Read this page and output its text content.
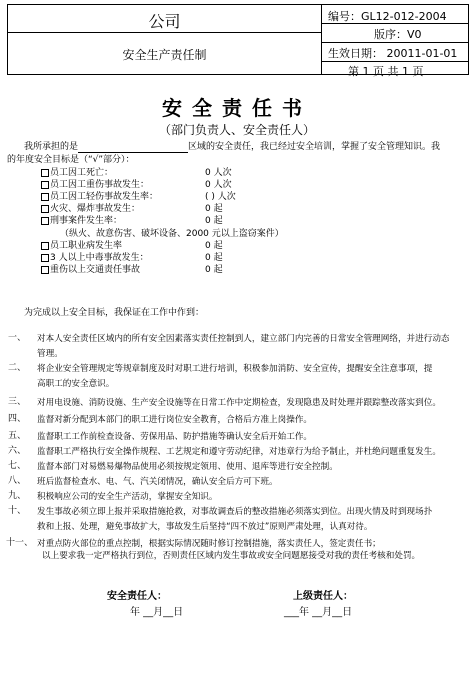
公司
安全生产责任制
编号：GL12-012-2004
版序：V0
生效日期： 20011-01-01
第 1 页 共 1 页
安全责任书
（部门负责人、安全责任人）
我所承担的是	区域的安全责任，我已经过安全培训，掌握了安全管理知识。我
的年度安全目标是（“√”部分）：
员工因工死亡：	0 人次
员工因工重伤事故发生：	0 人次
员工因工轻伤事故发生率：	( ) 人次
火灾、爆炸事故发生：	0 起
刑事案件发生率：	0 起
（纵火、故意伤害、破坏设备、2000 元以上盗窃案件）
员工职业病发生率	0 起
3 人以上中毒事故发生：	0 起
重伤以上交通责任事故	0 起
为完成以上安全目标，我保证在工作中作到：
一、 对本人安全责任区域内的所有安全因素落实责任控制到人，建立部门内完善的日常安全管理网络，并进行动态
管理。
二、 将企业安全管理规定等规章制度及时对职工进行培训，积极参加消防、安全宣传，提醒安全注意事项，提
高职工的安全意识。
三、 对用电设施、消防设施、生产安全设施等在日常工作中定期检查，发现隐患及时处理并跟踪整改落实到位。
四、 监督对新分配到本部门的职工进行岗位安全教育，合格后方准上岗操作。
五、 监督职工工作前检查设备、劳保用品、防护措施等确认安全后开始工作。
六、 监督职工严格执行安全操作规程、工艺规定和遵守劳动纪律，对违章行为给予制止，并杜绝问题重复发生。
七、 监督本部门对易燃易爆物品使用必须按规定领用、使用、退库等进行安全控制。
八、 班后监督检查水、电、气、汽关闭情况，确认安全后方可下班。
九、 积极响应公司的安全生产活动，掌握安全知识。
十、 发生事故必须立即上报并采取措施抢救，对事故调查后的整改措施必须落实到位。出现火情及时到现场扑
救和上报、处理，避免事故扩大，事故发生后坚持“四不放过”原则严肃处理，认真对待。
十一、 对重点防火部位的重点控制，根据实际情况随时修订控制措施，落实责任人，签定责任书；
以上要求我一定严格执行到位，否则责任区域内发生事故或安全问题愿接受对我的责任考核和处罚。
安全责任人：	上级责任人：
年 __月__日	___年 __月__日
